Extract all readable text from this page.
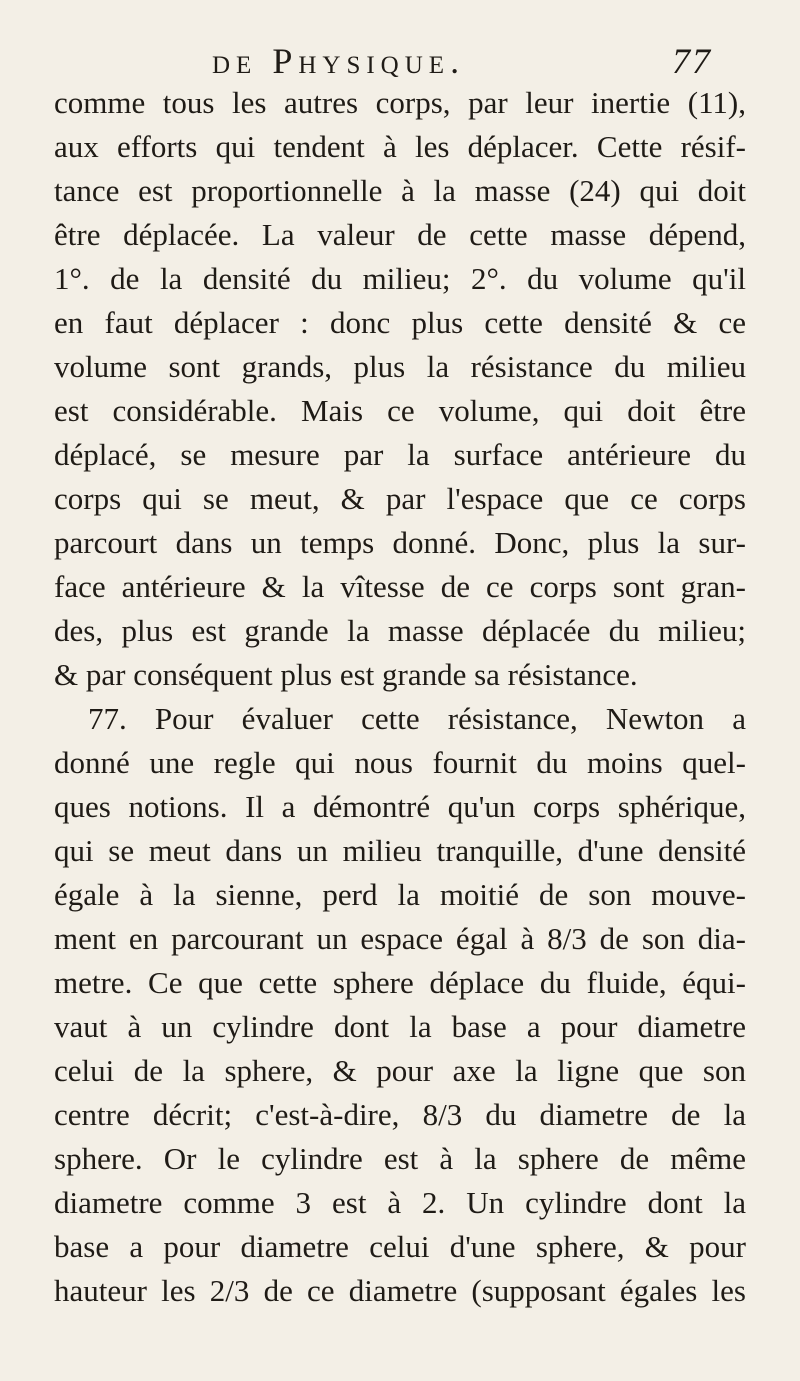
de Physique.	77
comme tous les autres corps, par leur inertie (11),
aux efforts qui tendent à les déplacer. Cette résif-
tance est proportionnelle à la masse (24) qui doit
être déplacée. La valeur de cette masse dépend,
1°. de la densité du milieu; 2°. du volume qu'il
en faut déplacer : donc plus cette densité & ce
volume sont grands, plus la résistance du milieu
est considérable. Mais ce volume, qui doit être
déplacé, se mesure par la surface antérieure du
corps qui se meut, & par l'espace que ce corps
parcourt dans un temps donné. Donc, plus la sur-
face antérieure & la vîtesse de ce corps sont gran-
des, plus est grande la masse déplacée du milieu;
& par conséquent plus est grande sa résistance.
77. Pour évaluer cette résistance, Newton a
donné une regle qui nous fournit du moins quel-
ques notions. Il a démontré qu'un corps sphérique,
qui se meut dans un milieu tranquille, d'une densité
égale à la sienne, perd la moitié de son mouve-
ment en parcourant un espace égal à 8/3 de son dia-
metre. Ce que cette sphere déplace du fluide, équi-
vaut à un cylindre dont la base a pour diametre
celui de la sphere, & pour axe la ligne que son
centre décrit; c'est-à-dire, 8/3 du diametre de la
sphere. Or le cylindre est à la sphere de même
diametre comme 3 est à 2. Un cylindre dont la
base a pour diametre celui d'une sphere, & pour
hauteur les 2/3 de ce diametre (supposant égales les
